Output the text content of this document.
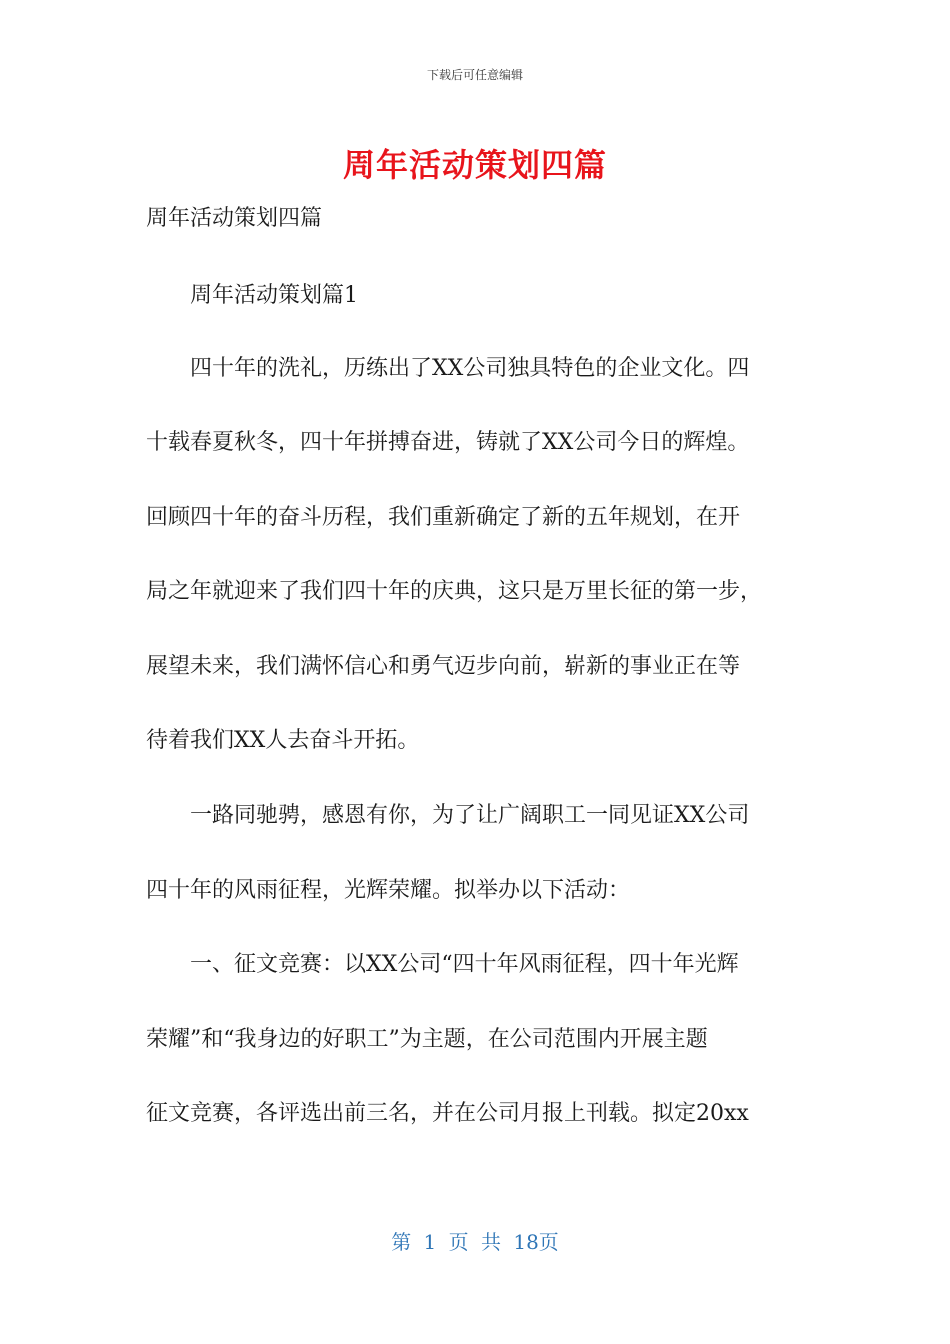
下载后可任意编辑
周年活动策划四篇
周年活动策划四篇
　　周年活动策划篇1
　　四十年的洗礼，历练出了XX公司独具特色的企业文化。四
十载春夏秋冬，四十年拼搏奋进，铸就了XX公司今日的辉煌。
回顾四十年的奋斗历程，我们重新确定了新的五年规划，在开
局之年就迎来了我们四十年的庆典，这只是万里长征的第一步，
展望未来，我们满怀信心和勇气迈步向前，崭新的事业正在等
待着我们XX人去奋斗开拓。
　　一路同驰骋，感恩有你，为了让广阔职工一同见证XX公司
四十年的风雨征程，光辉荣耀。拟举办以下活动：
　　一、征文竞赛：以XX公司“四十年风雨征程，四十年光辉
荣耀”和“我身边的好职工”为主题，在公司范围内开展主题
征文竞赛，各评选出前三名，并在公司月报上刊载。拟定20xx
第 1 页 共 18页
